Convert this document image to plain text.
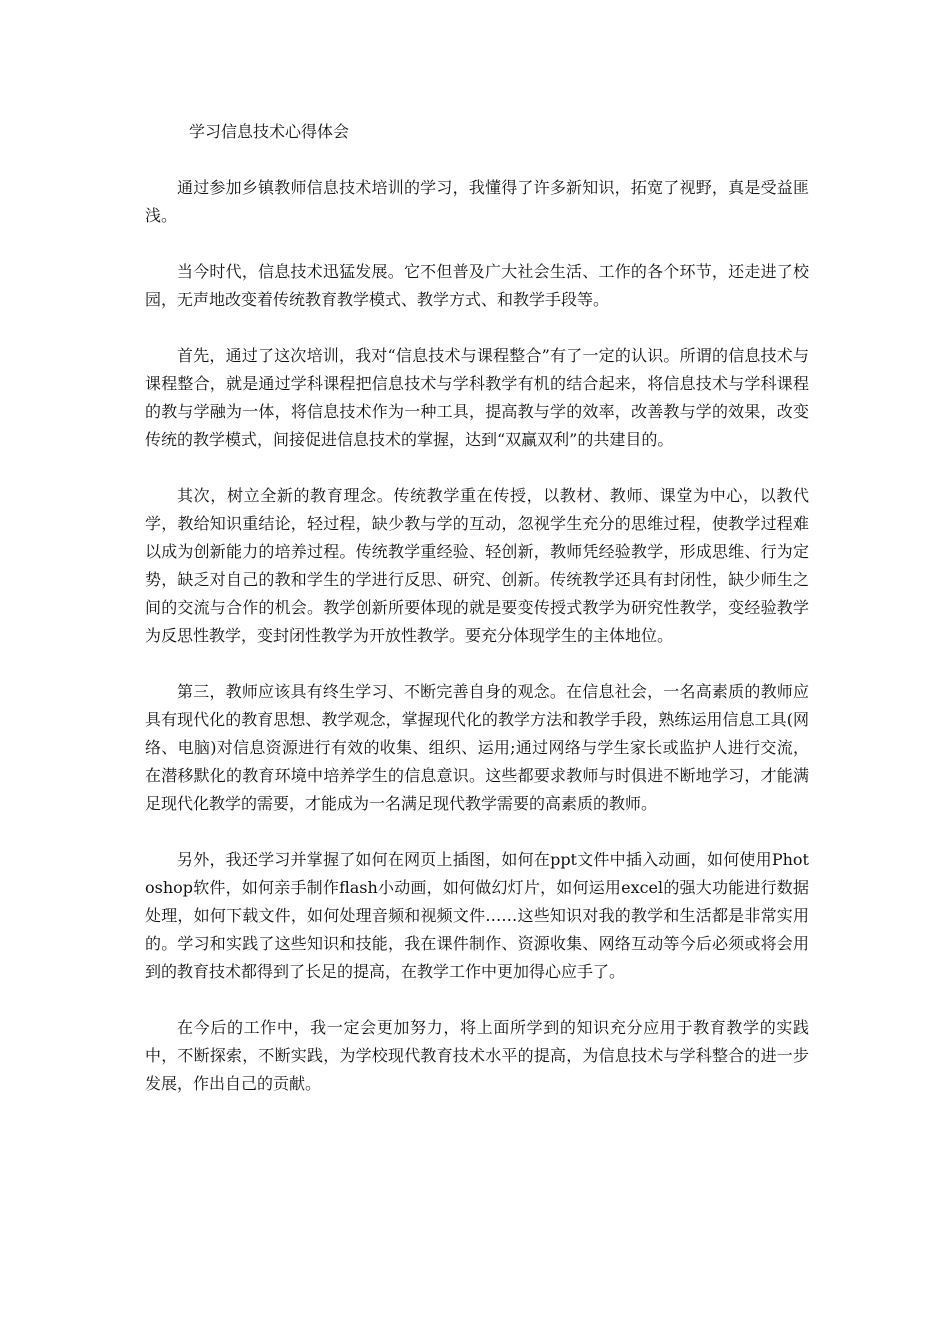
学习信息技术心得体会

通过参加乡镇教师信息技术培训的学习，我懂得了许多新知识，拓宽了视野，真是受益匪浅。

当今时代，信息技术迅猛发展。它不但普及广大社会生活、工作的各个环节，还走进了校园，无声地改变着传统教育教学模式、教学方式、和教学手段等。

首先，通过了这次培训，我对“信息技术与课程整合”有了一定的认识。所谓的信息技术与课程整合，就是通过学科课程把信息技术与学科教学有机的结合起来，将信息技术与学科课程的教与学融为一体，将信息技术作为一种工具，提高教与学的效率，改善教与学的效果，改变传统的教学模式，间接促进信息技术的掌握，达到“双赢双利”的共建目的。

其次，树立全新的教育理念。传统教学重在传授，以教材、教师、课堂为中心，以教代学，教给知识重结论，轻过程，缺少教与学的互动，忽视学生充分的思维过程，使教学过程难以成为创新能力的培养过程。传统教学重经验、轻创新，教师凭经验教学，形成思维、行为定势，缺乏对自己的教和学生的学进行反思、研究、创新。传统教学还具有封闭性，缺少师生之间的交流与合作的机会。教学创新所要体现的就是要变传授式教学为研究性教学，变经验教学为反思性教学，变封闭性教学为开放性教学。要充分体现学生的主体地位。

第三，教师应该具有终生学习、不断完善自身的观念。在信息社会，一名高素质的教师应具有现代化的教育思想、教学观念，掌握现代化的教学方法和教学手段，熟练运用信息工具(网络、电脑)对信息资源进行有效的收集、组织、运用;通过网络与学生家长或监护人进行交流，在潜移默化的教育环境中培养学生的信息意识。这些都要求教师与时俱进不断地学习，才能满足现代化教学的需要，才能成为一名满足现代教学需要的高素质的教师。

另外，我还学习并掌握了如何在网页上插图，如何在ppt文件中插入动画，如何使用Photoshop软件，如何亲手制作flash小动画，如何做幻灯片，如何运用excel的强大功能进行数据处理，如何下载文件，如何处理音频和视频文件……这些知识对我的教学和生活都是非常实用的。学习和实践了这些知识和技能，我在课件制作、资源收集、网络互动等今后必须或将会用到的教育技术都得到了长足的提高，在教学工作中更加得心应手了。

在今后的工作中，我一定会更加努力，将上面所学到的知识充分应用于教育教学的实践中，不断探索，不断实践，为学校现代教育技术水平的提高，为信息技术与学科整合的进一步发展，作出自己的贡献。
